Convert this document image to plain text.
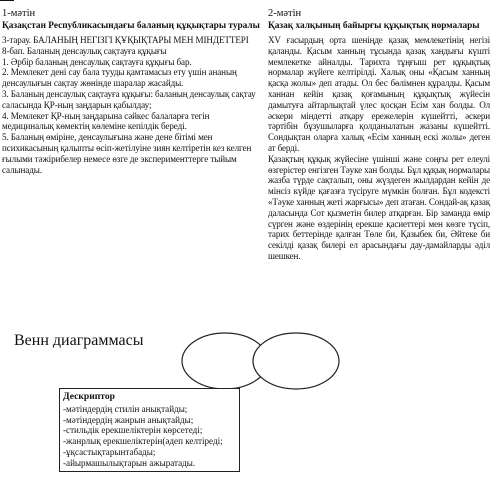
1-мәтін
Қазақстан Республикасындағы баланың құқықтары туралы

3-тарау. БАЛАНЫҢ НЕГІЗГІ ҚҰҚЫҚТАРЫ МЕН МІНДЕТТЕРІ

8-бап. Баланың денсаулық сақтауға құқығы

1. Әрбір баланың денсаулық сақтауға құқығы бар.

2. Мемлекет дені сау бала тууды қамтамасыз ету үшін ананың денсаулығын сақтау жөнінде шаралар жасайды.

3. Баланың денсаулық сақтауға құқығы: баланың денсаулық сақтау саласында ҚР-ның заңдарын қабылдау;

4. Мемлекет ҚР-ның заңдарына сәйкес балаларға тегін медициналық көмектің көлеміне кепілдік береді.

5. Баланың өміріне, денсаулығына және дене бітімі мен психикасының қалыпты өсіп-жетілуіне зиян келтіретін кез келген ғылыми тәжірибелер немесе өзге де эксперименттерге тыйым салынады.

2-мәтін
Қазақ халқының байырғы құқықтық нормалары

XV ғасырдың орта шеніңде қазақ мемлекетінің негізі қаланды. Қасым ханның тұсында қазақ хандығы күшті мемлекетке айналды. Тарихта тұңғыш рет құқықтық нормалар жүйеге келтірілді. Халық оны «Қасым ханның қасқа жолы» деп атады. Ол бес бөлімнен құралды. Қасым ханнан кейін қазақ қоғамының құқықтық жүйесін дамытуға айтарлықтай үлес қосқан Есім хан болды. Ол әскери міндетті атқару ережелерін күшейтті, әскери тәртібін бұзушыларға қолданылатын жазаны күшейтті. Сондықтан оларға халық «Есім ханның ескі жолы» деген ат берді.

Қазақтың құқық жүйесіне үшінші және соңғы рет елеулі өзгерістер енгізген Тәуке хан болды. Бұл құқық нормалары жазба түрде сақталып, оны жүздеген жылдардан кейін де мінсіз күйде қағазға түсіруге мүмкін болған. Бұл кодексті «Тәуке ханның жеті жарғысы» деп атаған. Сондай-ақ қазақ даласында Сот қызметін билер атқарған. Бір заманда өмір сүрген және өздерінің ерекше қасиеттері мен көзге түсіп, тарих беттерінде қалған Төле би, Қазыбек би, Әйтеке би секілді қазақ билері ел арасындағы дау-дамайларды әділ шешкен.

Венн диаграммасы
Дескриптор
-мәтіндердің стилін анықтайды;
-мәтіндердің жанрын анықтайды;
-стильдік ерекшеліктерін көрсетеді;
-жанрлық ерекшеліктерін(әдеп келтіреді;
-ұқсастықтарынтабады;
-айырмашылықтарын ажыратады.
